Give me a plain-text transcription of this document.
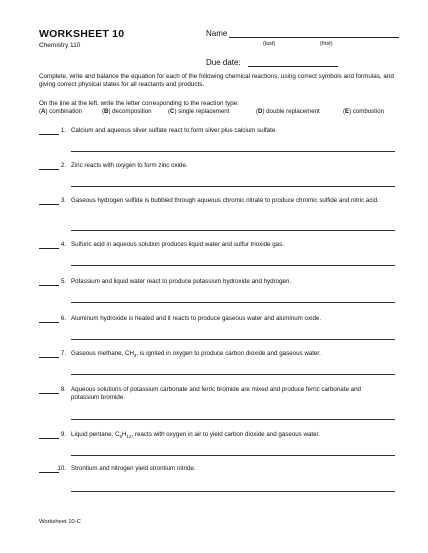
WORKSHEET 10
Chemistry 110
Name
(last)	(first)
Due date:
Complete, write and balance the equation for each of the following chemical reactions, using correct symbols and formulas, and giving correct physical states for all reactants and products.
On the line at the left, write the letter corresponding to the reaction type:
(A) combination	(B) decomposition	(C) single replacement	(D) double replacement	(E) combustion
1. Calcium and aqueous silver sulfate react to form silver plus calcium sulfate.
2. Zinc reacts with oxygen to form zinc oxide.
3. Gaseous hydrogen sulfide is bubbled through aqueous chromic nitrate to produce chromic sulfide and nitric acid.
4. Sulfuric acid in aqueous solution produces liquid water and sulfur trioxide gas.
5. Potassium and liquid water react to produce potassium hydroxide and hydrogen.
6. Aluminum hydroxide is heated and it reacts to produce gaseous water and aluminum oxide.
7. Gaseous methane, $CH_4$, is ignited in oxygen to produce carbon dioxide and gaseous water.
8. Aqueous solutions of potassium carbonate and ferric bromide are mixed and produce ferric carbonate and potassium bromide.
9. Liquid pentane, $C_5H_{12}$, reacts with oxygen in air to yield carbon dioxide and gaseous water.
10. Strontium and nitrogen yield strontium nitride.
Worksheet 10-C
